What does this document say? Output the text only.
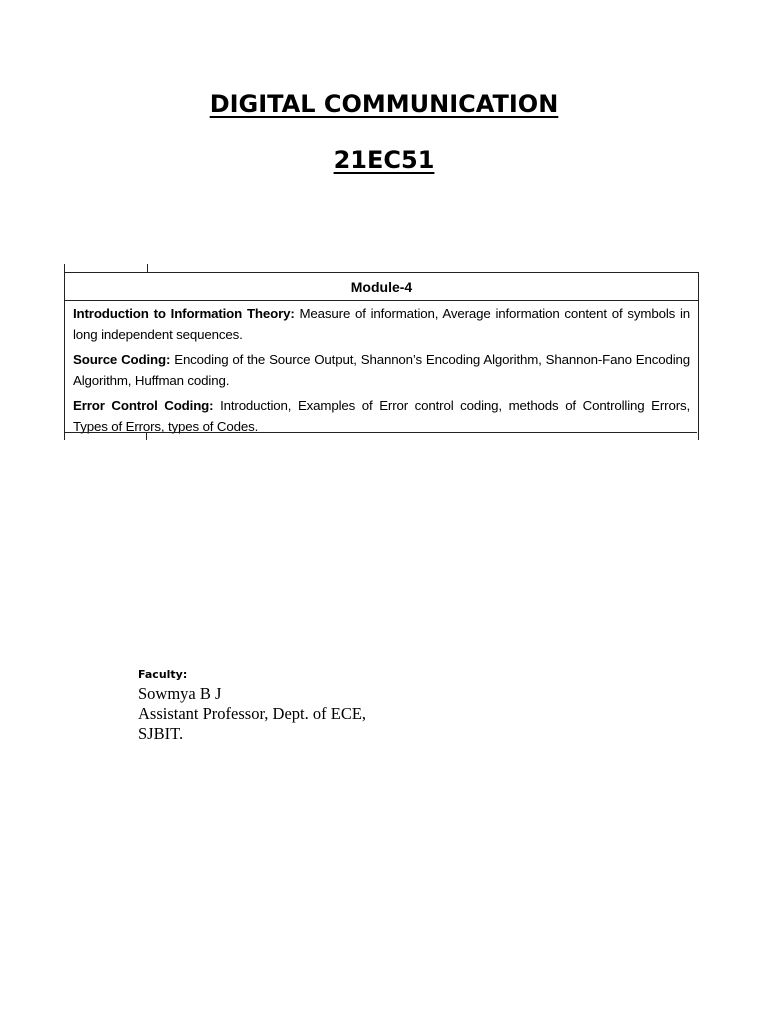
DIGITAL COMMUNICATION
21EC51
Module-4

Introduction to Information Theory: Measure of information, Average information content of symbols in long independent sequences.

Source Coding: Encoding of the Source Output, Shannon’s Encoding Algorithm, Shannon-Fano Encoding Algorithm, Huffman coding.

Error Control Coding: Introduction, Examples of Error control coding, methods of Controlling Errors, Types of Errors, types of Codes.

Faculty:
Sowmya B J
Assistant Professor, Dept. of ECE,
SJBIT.
